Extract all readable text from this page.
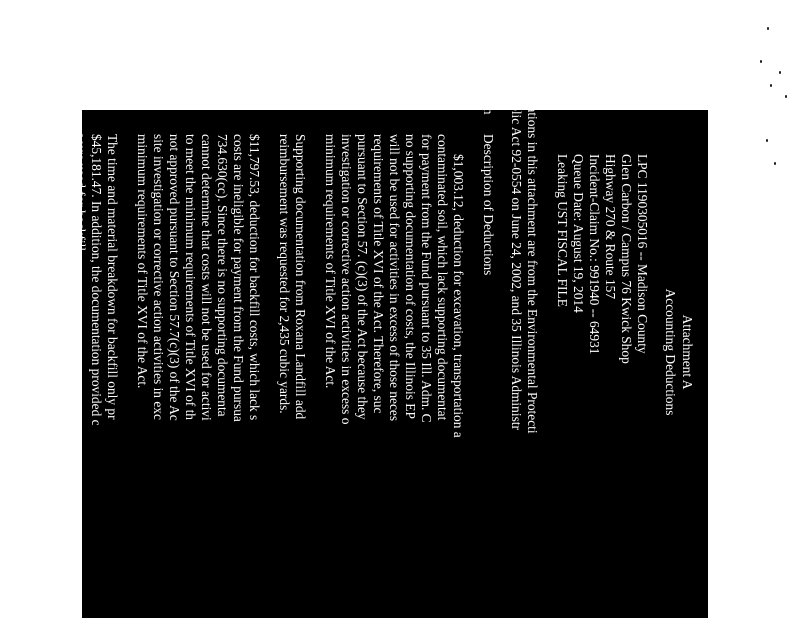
Attachment A
Accounting Deductions
Re:
LPC 1190305016 -- Madison County
Glen Carbon / Campus 76 Kwick Shop
Highway 270 & Route 157
Incident-Claim No.: 991940 -- 64931
Queue Date: August 19, 2014
Leaking UST FISCAL FILE
Citations in this attachment are from the Environmental Protecti
Public Act 92-0554 on June 24, 2002, and 35 Illinois Administr
Item
Description of Deductions
1.
$1,003.12, deduction for excavation, transportation a
contaminated soil, which lack supporting documentat
for payment from the Fund pursuant to 35 Ill. Adm. C
no supporting documentation of costs, the Illinois EP
will not be used for activities in excess of those neces
requirements of Title XVI of the Act. Therefore, suc
pursuant to Section 57. (c)(3) of the Act because they
investigation or corrective action activities in excess o
minimum requirements of Title XVI of the Act.
Supporting documentation from Roxana Landfill add
reimbursement was requested for 2,435 cubic yards.
2.
$11,797.53, deduction for backfill costs, which lack s
costs are ineligible for payment from the Fund pursua
734.630(cc). Since there is no supporting documenta
cannot determine that costs will not be used for activi
to meet the minimum requirements of Title XVI of th
not approved pursuant to Section 57.7(c)(3) of the Ac
site investigation or corrective action activities in exc
minimum requirements of Title XVI of the Act.
The time and material breakdown for backfill only pr
$45,181.47. In addition, the documentation provided c
were used for backfill.
cse
